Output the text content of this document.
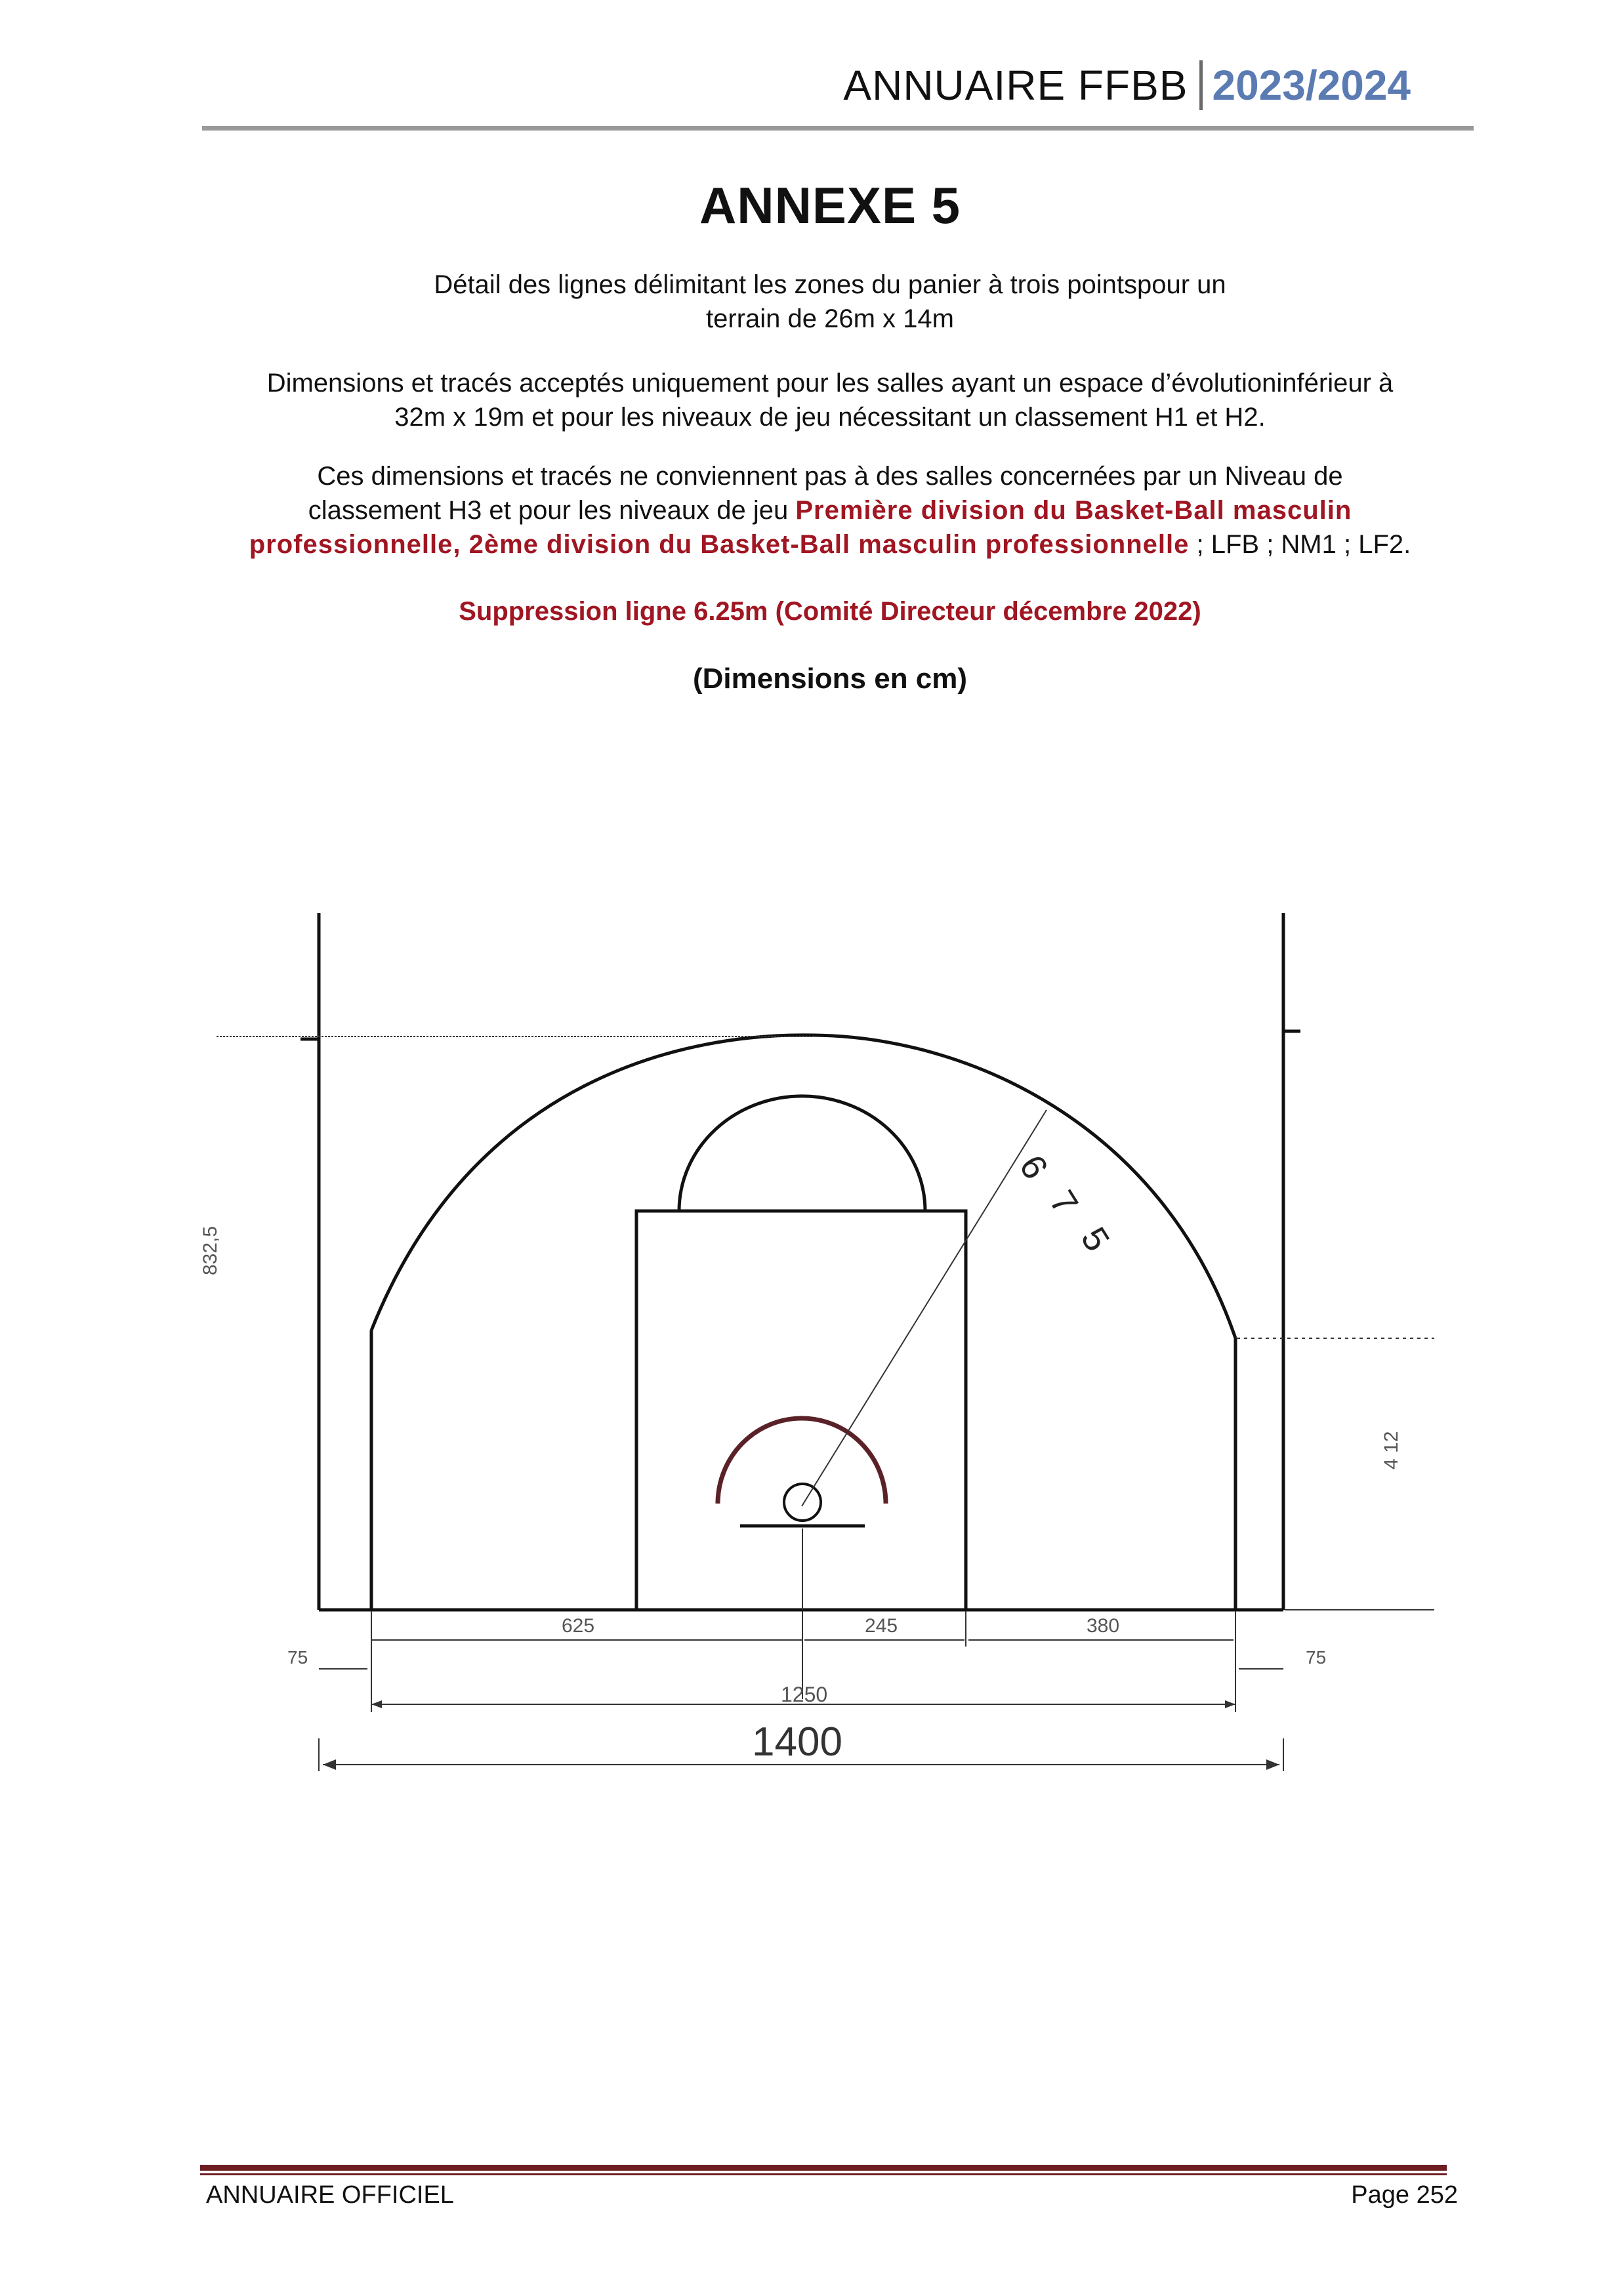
ANNUAIRE FFBB 2023/2024
ANNEXE 5
Détail des lignes délimitant les zones du panier à trois pointspour un
terrain de 26m x 14m
Dimensions et tracés acceptés uniquement pour les salles ayant un espace d’évolutioninférieur à
32m x 19m et pour les niveaux de jeu nécessitant un classement H1 et H2.
Ces dimensions et tracés ne conviennent pas à des salles concernées par un Niveau de
classement H3 et pour les niveaux de jeu Première division du Basket-Ball masculin
professionnelle, 2ème division du Basket-Ball masculin professionnelle ; LFB ; NM1 ; LF2.
Suppression ligne 6.25m (Comité Directeur décembre 2022)
(Dimensions en cm)
832,5
4 12
625	245	380
75	75
1250
1400
6
7
5
ANNUAIRE OFFICIEL	Page 252
